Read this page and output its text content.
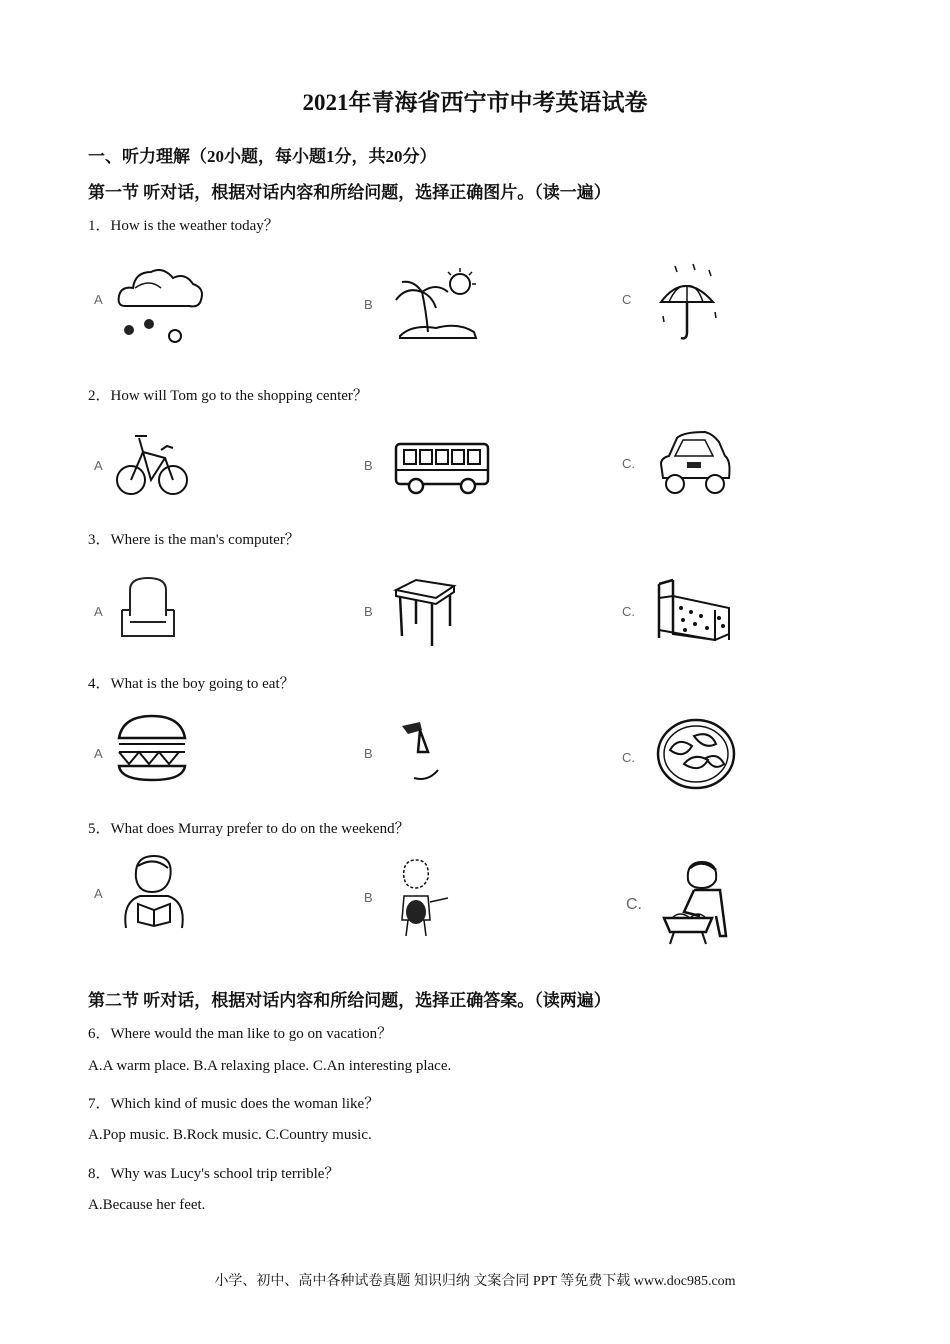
2021年青海省西宁市中考英语试卷
一、听力理解（20小题，每小题1分，共20分）
第一节 听对话，根据对话内容和所给问题，选择正确图片。（读一遍）
1．How is the weather today？
A	B	C
2．How will Tom go to the shopping center？
A	B	C.
3．Where is the man's computer？
A	B	C.
4．What is the boy going to eat？
A	B	C.
5．What does Murray prefer to do on the weekend？
A	B	C.
第二节 听对话，根据对话内容和所给问题，选择正确答案。（读两遍）
6．Where would the man like to go on vacation？
A.A warm place. B.A relaxing place. C.An interesting place.
7．Which kind of music does the woman like？
A.Pop music. B.Rock music. C.Country music.
8．Why was Lucy's school trip terrible？
A.Because her feet.
小学、初中、高中各种试卷真题 知识归纳 文案合同 PPT 等免费下载 www.doc985.com
